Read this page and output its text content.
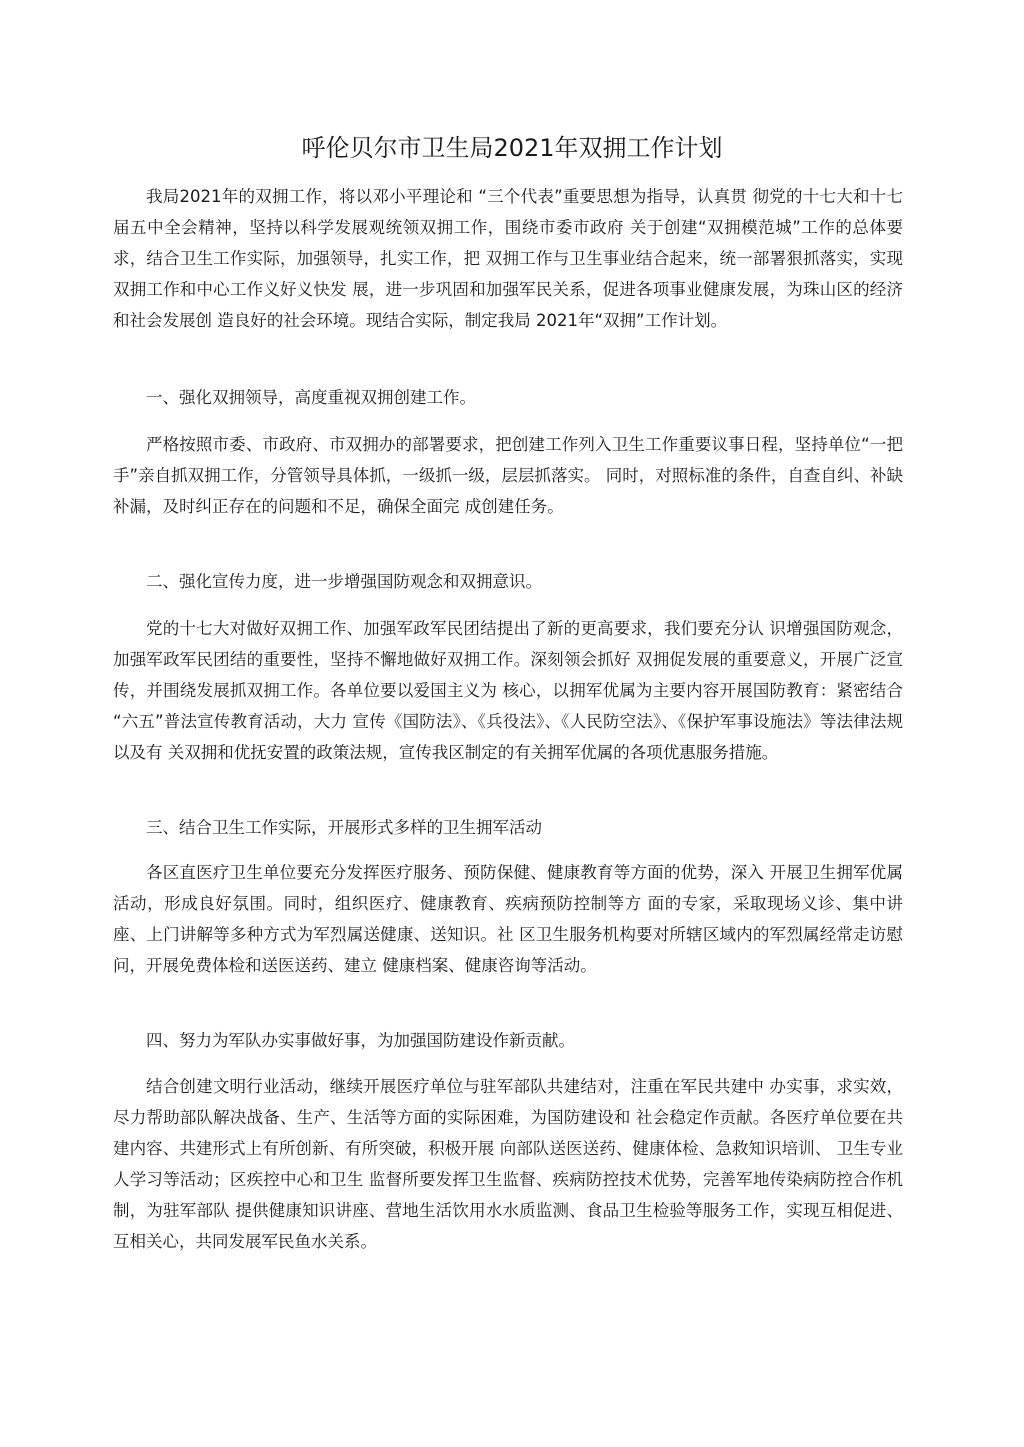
呼伦贝尔市卫生局2021年双拥工作计划

我局2021年的双拥工作，将以邓小平理论和 “三个代表”重要思想为指导，认真贯 彻党的十七大和十七届五中全会精神，坚持以科学发展观统领双拥工作，围绕市委市政府 关于创建“双拥模范城”工作的总体要求，结合卫生工作实际，加强领导，扎实工作，把 双拥工作与卫生事业结合起来，统一部署狠抓落实，实现双拥工作和中心工作义好义快发 展，进一步巩固和加强军民关系，促进各项事业健康发展，为珠山区的经济和社会发展创 造良好的社会环境。现结合实际，制定我局 2021年“双拥”工作计划。

一、强化双拥领导，高度重视双拥创建工作。

严格按照市委、市政府、市双拥办的部署要求，把创建工作列入卫生工作重要议事日程，坚持单位“一把手”亲自抓双拥工作，分管领导具体抓，一级抓一级，层层抓落实。 同时，对照标准的条件，自查自纠、补缺补漏，及时纠正存在的问题和不足，确保全面完 成创建任务。

二、强化宣传力度，进一步增强国防观念和双拥意识。

党的十七大对做好双拥工作、加强军政军民团结提出了新的更高要求，我们要充分认 识增强国防观念，加强军政军民团结的重要性，坚持不懈地做好双拥工作。深刻领会抓好 双拥促发展的重要意义，开展广泛宣传，并围绕发展抓双拥工作。各单位要以爱国主义为 核心，以拥军优属为主要内容开展国防教育：紧密结合 “六五”普法宣传教育活动，大力 宣传《国防法》、《兵役法》、《人民防空法》、《保护军事设施法》等法律法规以及有 关双拥和优抚安置的政策法规，宣传我区制定的有关拥军优属的各项优惠服务措施。

三、结合卫生工作实际，开展形式多样的卫生拥军活动

各区直医疗卫生单位要充分发挥医疗服务、预防保健、健康教育等方面的优势，深入 开展卫生拥军优属活动，形成良好氛围。同时，组织医疗、健康教育、疾病预防控制等方 面的专家，采取现场义诊、集中讲座、上门讲解等多种方式为军烈属送健康、送知识。社 区卫生服务机构要对所辖区域内的军烈属经常走访慰问，开展免费体检和送医送药、建立 健康档案、健康咨询等活动。

四、努力为军队办实事做好事，为加强国防建设作新贡献。

结合创建文明行业活动，继续开展医疗单位与驻军部队共建结对，注重在军民共建中 办实事，求实效，尽力帮助部队解决战备、生产、生活等方面的实际困难，为国防建设和 社会稳定作贡献。各医疗单位要在共建内容、共建形式上有所创新、有所突破，积极开展 向部队送医送药、健康体检、急救知识培训、 卫生专业人学习等活动；区疾控中心和卫生 监督所要发挥卫生监督、疾病防控技术优势，完善军地传染病防控合作机制，为驻军部队 提供健康知识讲座、营地生活饮用水水质监测、食品卫生检验等服务工作，实现互相促进、 互相关心，共同发展军民鱼水关系。
